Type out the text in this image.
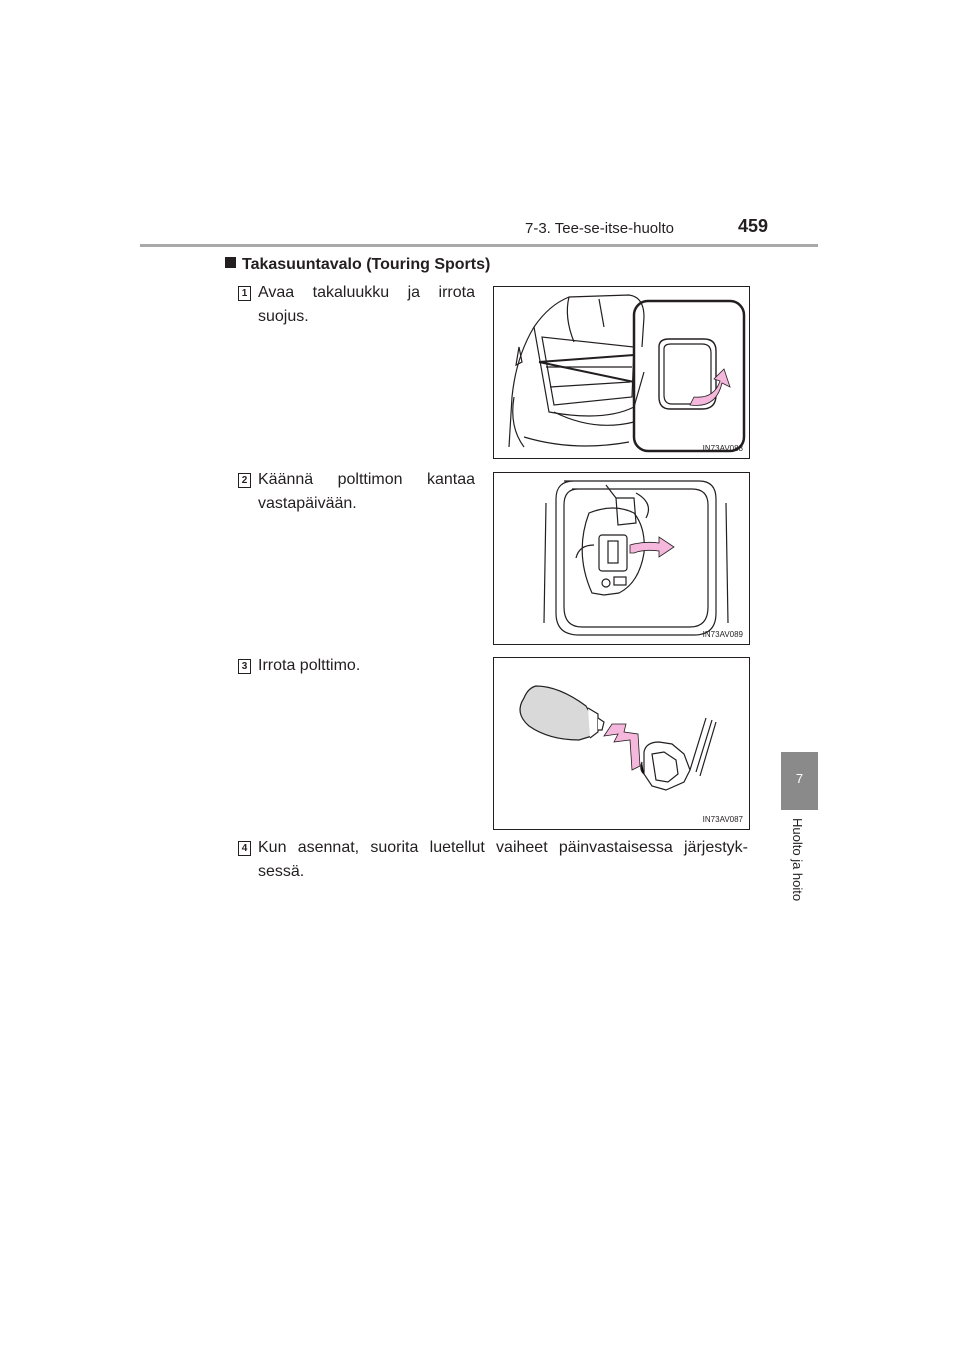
7-3. Tee-se-itse-huolto	459
7
Huolto ja hoito
Takasuuntavalo (Touring Sports)
1 Avaa takaluukku ja irrota suojus.
IN73AV088
2 Käännä polttimon kantaa vastapäivään.
IN73AV089
3 Irrota polttimo.
IN73AV087
4 Kun asennat, suorita luetellut vaiheet päinvastaisessa järjestyk-sessä.
